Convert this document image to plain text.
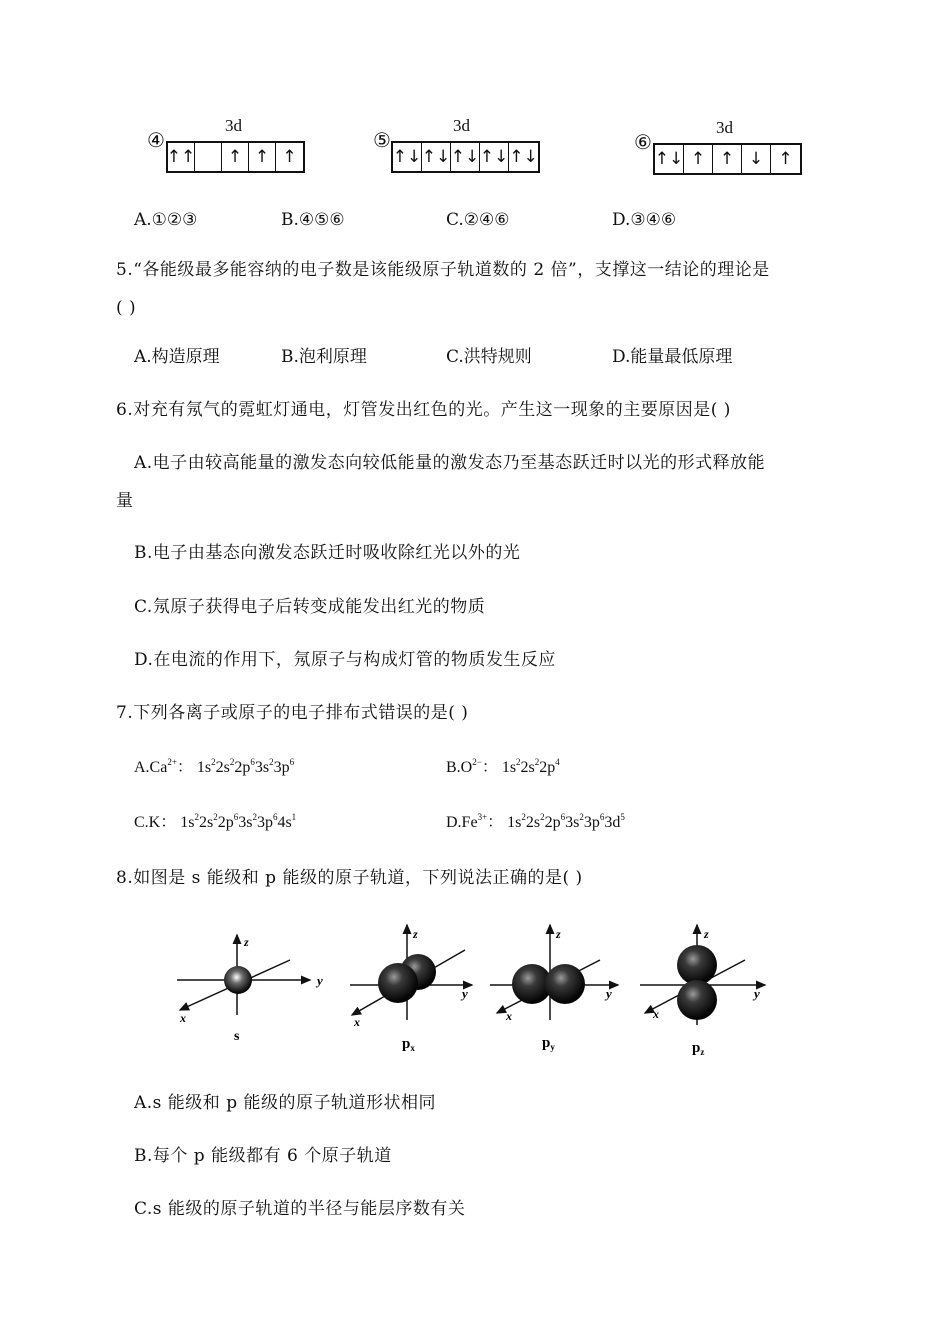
④
3d
↑↑	↑ ↑ ↑
⑤
3d
↑↓ ↑↓ ↑↓ ↑↓ ↑↓
⑥
3d
↑↓ ↑ ↑ ↓ ↑
A.①②③	B.④⑤⑥	C.②④⑥	D.③④⑥
5.“各能级最多能容纳的电子数是该能级原子轨道数的 2 倍”，支撑这一结论的理论是
( )
A.构造原理	B.泡利原理	C.洪特规则	D.能量最低原理
6.对充有氖气的霓虹灯通电，灯管发出红色的光。产生这一现象的主要原因是( )
A.电子由较高能量的激发态向较低能量的激发态乃至基态跃迁时以光的形式释放能
量
B.电子由基态向激发态跃迁时吸收除红光以外的光
C.氖原子获得电子后转变成能发出红光的物质
D.在电流的作用下，氖原子与构成灯管的物质发生反应
7.下列各离子或原子的电子排布式错误的是( )
$A.Ca^{2+}$： $1s^22s^22p^63s^23p^6$	$B.O^{2-}$： $1s^22s^22p^4$
C.K： $1s^22s^22p^63s^23p^64s^1$	$D.Fe^{3+}$： $1s^22s^22p^63s^23p^63d^5$
8.如图是 s 能级和 p 能级的原子轨道，下列说法正确的是( )
z
y
x
s
z
y
x
$p_x$
z
y
x
$p_y$
z
y
x
$p_z$
A.s 能级和 p 能级的原子轨道形状相同
B.每个 p 能级都有 6 个原子轨道
C.s 能级的原子轨道的半径与能层序数有关
